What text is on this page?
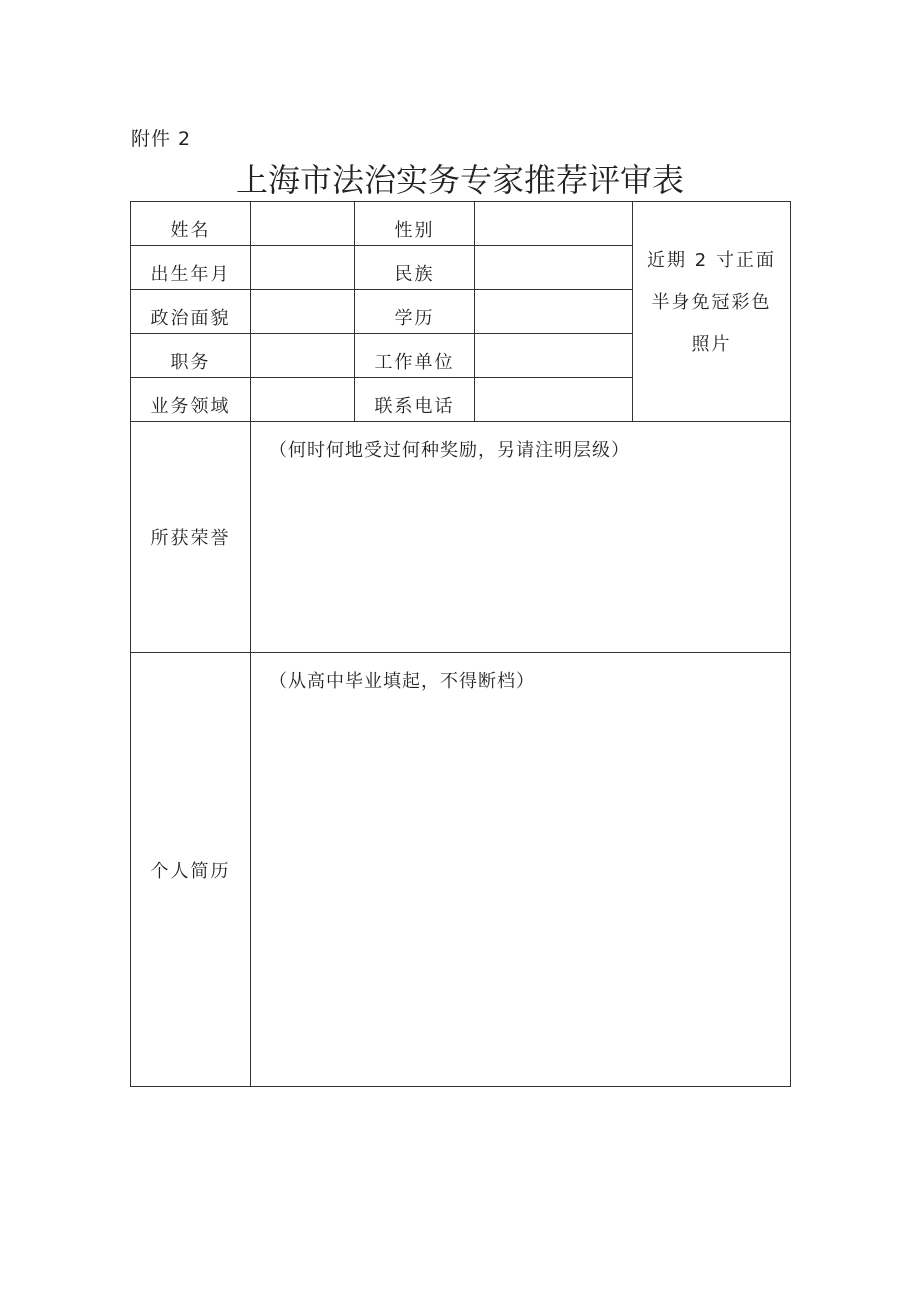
附件 2
上海市法治实务专家推荐评审表
姓名		性别		近期 2 寸正面
半身免冠彩色
照片

出生年月		民族		
政治面貌		学历		
职务		工作单位		
业务领域		联系电话		
所获荣誉	（何时何地受过何种奖励，另请注明层级）			
个人简历	（从高中毕业填起，不得断档）			
